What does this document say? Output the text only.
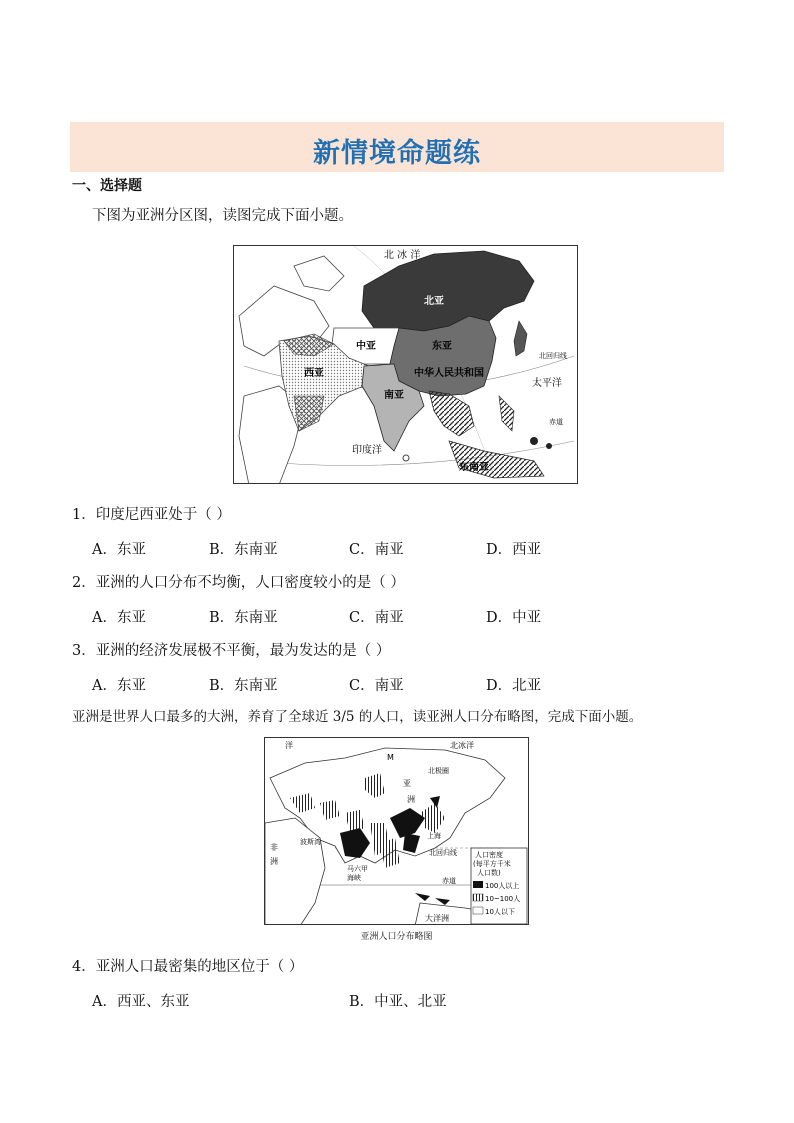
新情境命题练
一、选择题
下图为亚洲分区图，读图完成下面小题。
北 冰 洋
北亚
中亚	东亚
西亚	中华人民共和国
南亚
太平洋
印度洋
东南亚
北回归线
赤道
1．印度尼西亚处于（ ）
A．东亚	B．东南亚	C．南亚	D．西亚
2．亚洲的人口分布不均衡，人口密度较小的是（ ）
A．东亚	B．东南亚	C．南亚	D．中亚
3．亚洲的经济发展极不平衡，最为发达的是（ ）
A．东亚	B．东南亚	C．南亚	D．北亚
亚洲是世界人口最多的大洲，养育了全球近 3/5 的人口，读亚洲人口分布略图，完成下面小题。
洋	北冰洋
北极圈
M
亚
洲
上海
非
洲
波斯湾
北回归线
马六甲
海峡	赤道
大洋洲
人口密度
(每平方千米
人口数)
100人以上
10~100人
10人以下
亚洲人口分布略图
4．亚洲人口最密集的地区位于（ ）
A．西亚、东亚	B．中亚、北亚
